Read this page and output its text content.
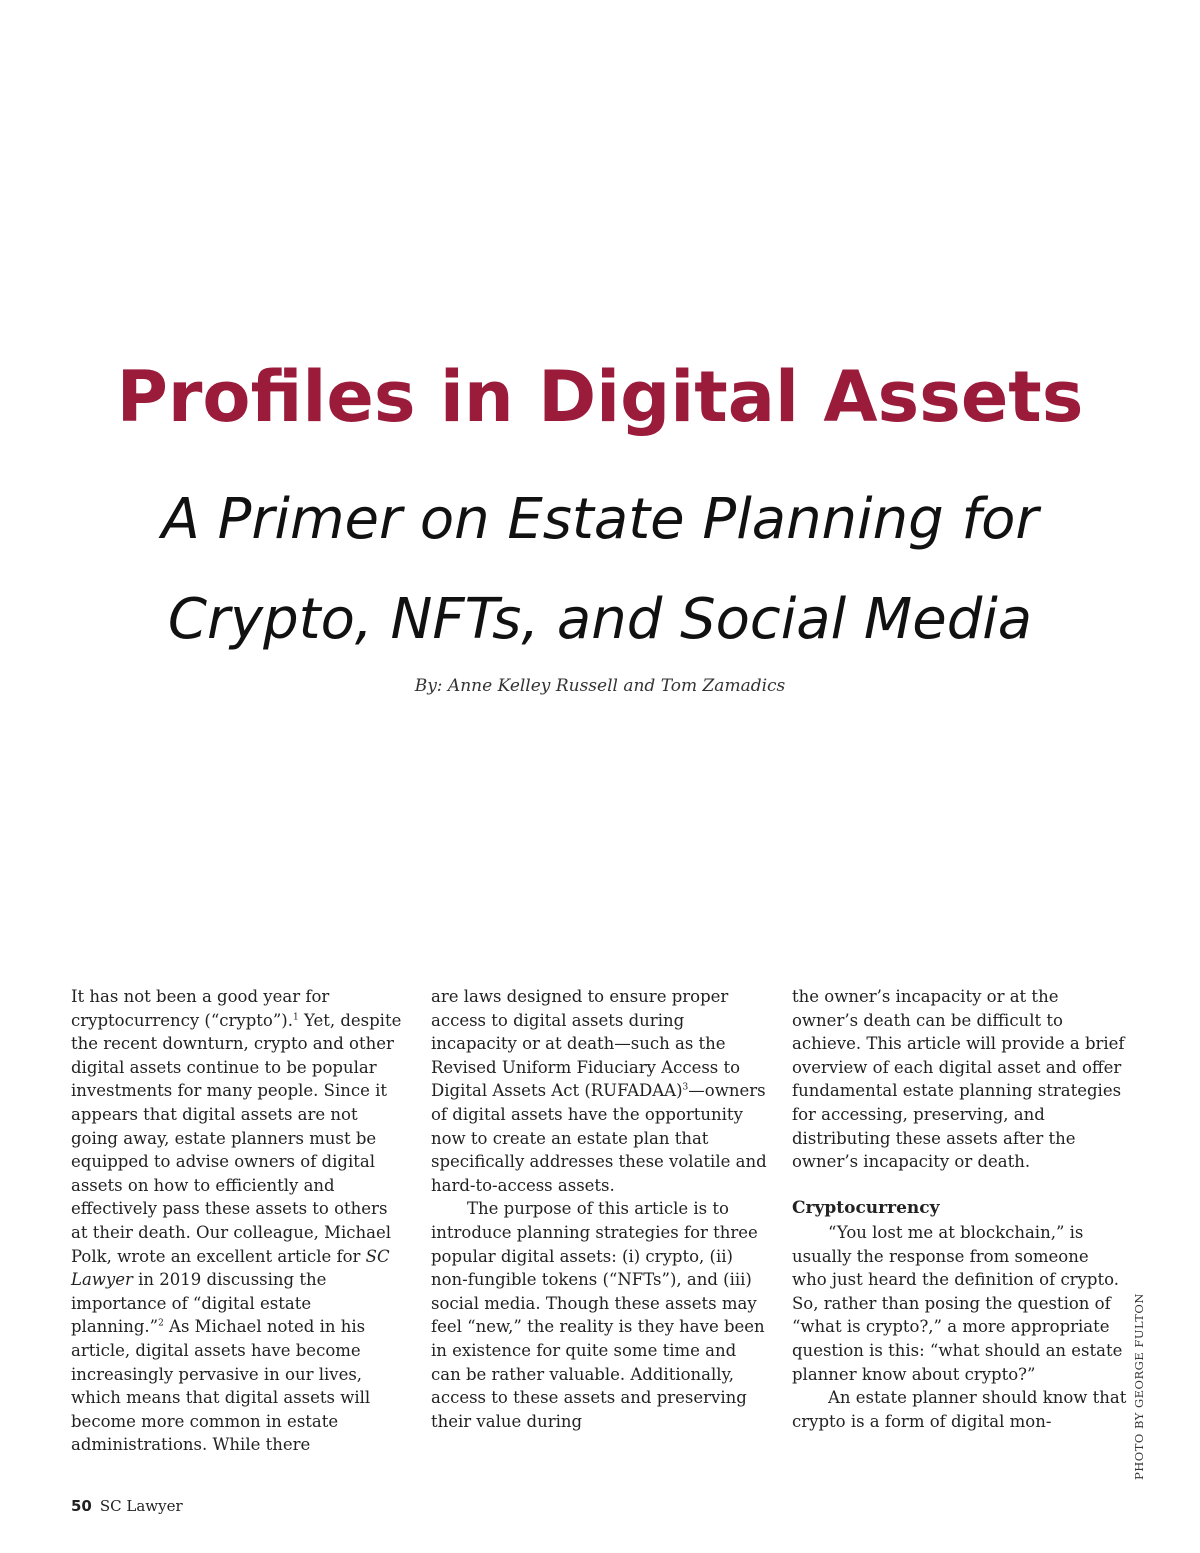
Profiles in Digital Assets
A Primer on Estate Planning for
Crypto, NFTs, and Social Media
By: Anne Kelley Russell and Tom Zamadics

It has not been a good year for cryptocurrency (“crypto”).$^1$ Yet, despite the recent downturn, crypto and other digital assets continue to be popular investments for many people. Since it appears that digital assets are not going away, estate planners must be equipped to advise owners of digital assets on how to efficiently and effectively pass these assets to others at their death. Our colleague, Michael Polk, wrote an excellent article for SC Lawyer in 2019 discussing the importance of “digital estate planning.”$^2$ As Michael noted in his article, digital assets have become increasingly pervasive in our lives, which means that digital assets will become more common in estate administrations. While there

are laws designed to ensure proper access to digital assets during incapacity or at death—such as the Revised Uniform Fiduciary Access to Digital Assets Act (RUFADAA)$^3$—owners of digital assets have the opportunity now to create an estate plan that specifically addresses these volatile and hard-to-access assets.

The purpose of this article is to introduce planning strategies for three popular digital assets: (i) crypto, (ii) non-fungible tokens (“NFTs”), and (iii) social media. Though these assets may feel “new,” the reality is they have been in existence for quite some time and can be rather valuable. Additionally, access to these assets and preserving their value during

the owner’s incapacity or at the owner’s death can be difficult to achieve. This article will provide a brief overview of each digital asset and offer fundamental estate planning strategies for accessing, preserving, and distributing these assets after the owner’s incapacity or death.

Cryptocurrency

“You lost me at blockchain,” is usually the response from someone who just heard the definition of crypto. So, rather than posing the question of “what is crypto?,” a more appropriate question is this: “what should an estate planner know about crypto?”

An estate planner should know that crypto is a form of digital mon-	PHOTO BY GEORGE FULTON
50 SC Lawyer
